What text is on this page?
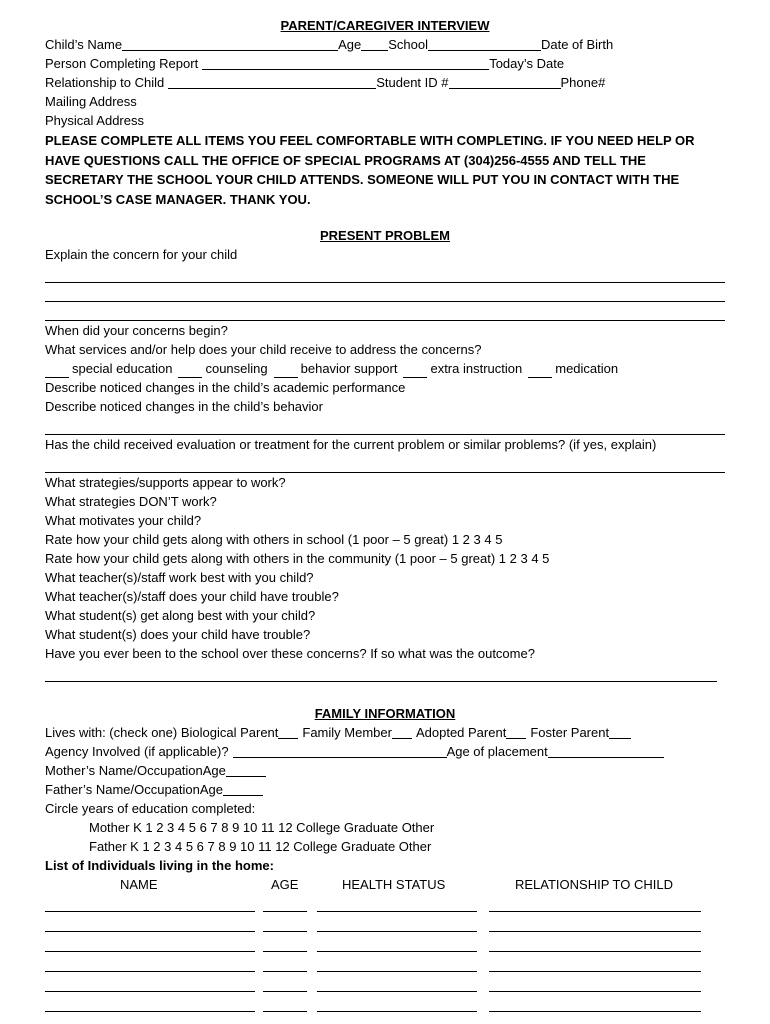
PARENT/CAREGIVER INTERVIEW
Child’s Name	Age School	Date of Birth
Person Completing Report	Today’s Date
Relationship to Child	Student ID #	Phone#
Mailing Address
Physical Address
PLEASE COMPLETE ALL ITEMS YOU FEEL COMFORTABLE WITH COMPLETING. IF YOU NEED HELP OR HAVE QUESTIONS CALL THE OFFICE OF SPECIAL PROGRAMS AT (304)256-4555 AND TELL THE SECRETARY THE SCHOOL YOUR CHILD ATTENDS. SOMEONE WILL PUT YOU IN CONTACT WITH THE SCHOOL’S CASE MANAGER. THANK YOU.
PRESENT PROBLEM
Explain the concern for your child
When did your concerns begin?
What services and/or help does your child receive to address the concerns?
special education	counseling	behavior support	extra instruction	medication
Describe noticed changes in the child’s academic performance
Describe noticed changes in the child’s behavior
Has the child received evaluation or treatment for the current problem or similar problems? (if yes, explain)
What strategies/supports appear to work?
What strategies DON’T work?
What motivates your child?
Rate how your child gets along with others in school (1 poor – 5 great) 1 2 3 4 5
Rate how your child gets along with others in the community (1 poor – 5 great) 1 2 3 4 5
What teacher(s)/staff work best with you child?
What teacher(s)/staff does your child have trouble?
What student(s) get along best with your child?
What student(s) does your child have trouble?
Have you ever been to the school over these concerns? If so what was the outcome?
FAMILY INFORMATION
Lives with: (check one) Biological Parent Family Member Adopted Parent Foster Parent
Agency Involved (if applicable)?	Age of placement
Mother’s Name/Occupation Age
Father’s Name/Occupation Age
Circle years of education completed:
Mother K 1 2 3 4 5 6 7 8 9 10 11 12 College Graduate Other
Father K 1 2 3 4 5 6 7 8 9 10 11 12 College Graduate Other
List of Individuals living in the home:
NAME	AGE	HEALTH STATUS	RELATIONSHIP TO CHILD
